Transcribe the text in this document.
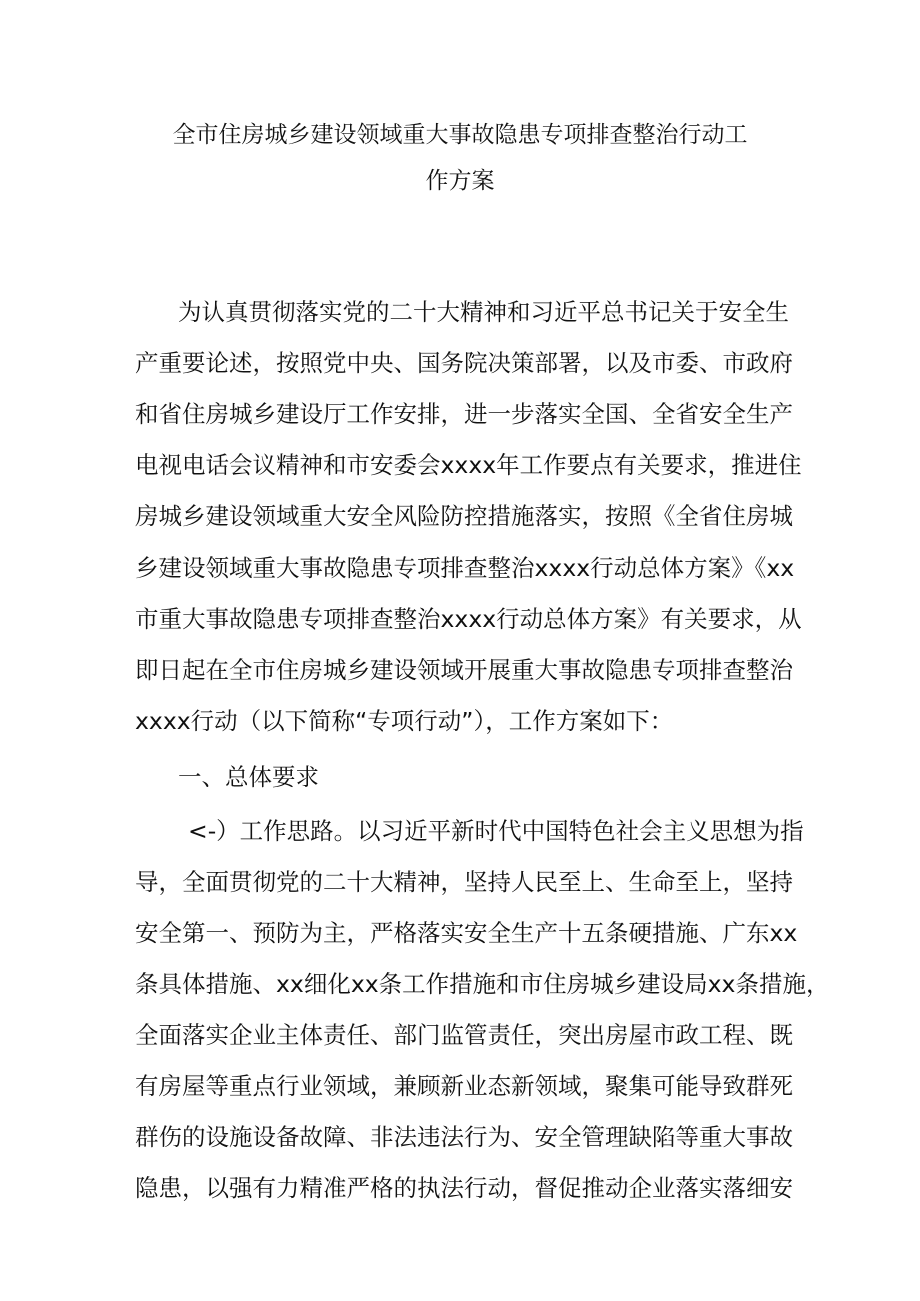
全市住房城乡建设领域重大事故隐患专项排查整治行动工
作方案

为认真贯彻落实党的二十大精神和习近平总书记关于安全生

产重要论述，按照党中央、国务院决策部署，以及市委、市政府

和省住房城乡建设厅工作安排，进一步落实全国、全省安全生产

电视电话会议精神和市安委会xxxx年工作要点有关要求，推进住

房城乡建设领域重大安全风险防控措施落实，按照《全省住房城

乡建设领域重大事故隐患专项排查整治xxxx行动总体方案》《xx

市重大事故隐患专项排查整治xxxx行动总体方案》有关要求，从

即日起在全市住房城乡建设领域开展重大事故隐患专项排查整治

xxxx行动（以下简称“专项行动”），工作方案如下：

一、总体要求

<-）工作思路。以习近平新时代中国特色社会主义思想为指

导，全面贯彻党的二十大精神，坚持人民至上、生命至上，坚持

安全第一、预防为主，严格落实安全生产十五条硬措施、广东xx

条具体措施、xx细化xx条工作措施和市住房城乡建设局xx条措施，

全面落实企业主体责任、部门监管责任，突出房屋市政工程、既

有房屋等重点行业领域，兼顾新业态新领域，聚集可能导致群死

群伤的设施设备故障、非法违法行为、安全管理缺陷等重大事故

隐患，以强有力精准严格的执法行动，督促推动企业落实落细安
